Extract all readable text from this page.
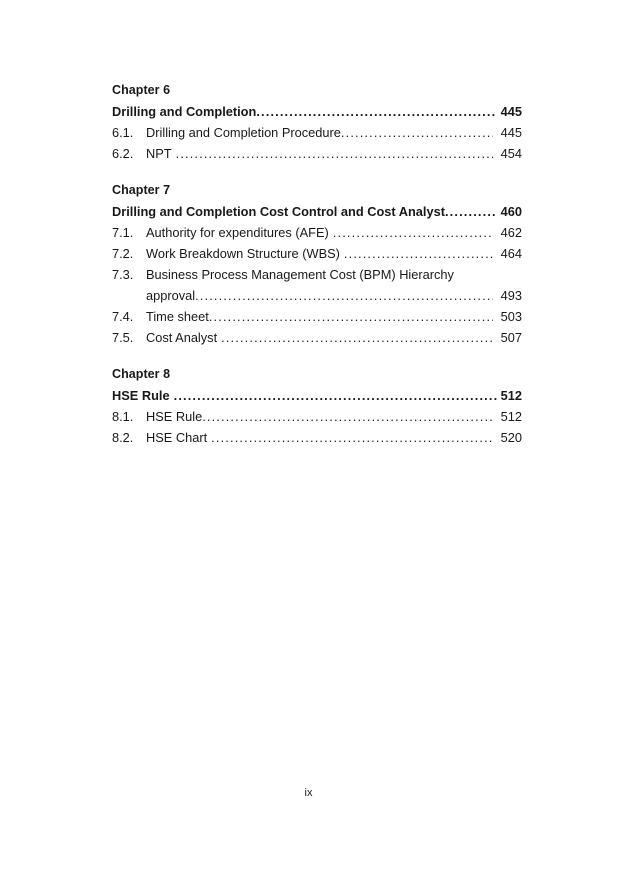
Chapter 6
Drilling and Completion .....	445
6.1. Drilling and Completion Procedure .....	445
6.2. NPT .....	454
Chapter 7
Drilling and Completion Cost Control and Cost Analyst .....	460
7.1. Authority for expenditures (AFE) .....	462
7.2. Work Breakdown Structure (WBS) .....	464
7.3. Business Process Management Cost (BPM) Hierarchy
approval .....	493
7.4. Time sheet .....	503
7.5. Cost Analyst .....	507
Chapter 8
HSE Rule .....	512
8.1. HSE Rule .....	512
8.2. HSE Chart .....	520
ix
